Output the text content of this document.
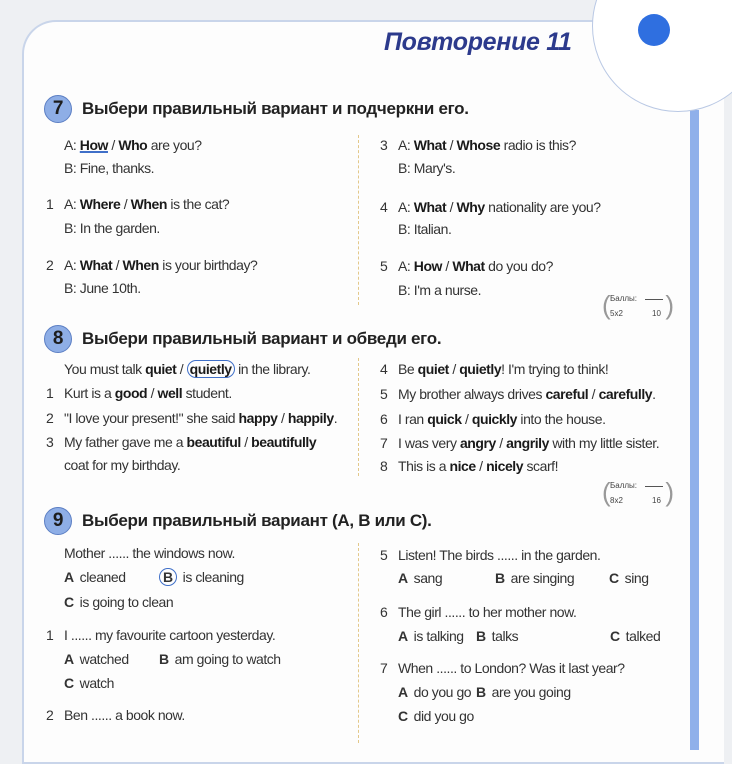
Повторение 11
7	Выбери правильный вариант и подчеркни его.
A: How / Who are you?
B: Fine, thanks.
1 A: Where / When is the cat?
B: In the garden.
2 A: What / When is your birthday?
B: June 10th.
3 A: What / Whose radio is this?
B: Mary's.
4 A: What / Why nationality are you?
B: Italian.
5 A: How / What do you do?
B: I'm a nurse.	( Баллы:
5x2	10 )
8	Выбери правильный вариант и обведи его.
You must talk quiet / quietly in the library.
1 Kurt is a good / well student.
2 "I love your present!" she said happy / happily.
3 My father gave me a beautiful / beautifully
coat for my birthday.
4 Be quiet / quietly! I'm trying to think!
5 My brother always drives careful / carefully.
6 I ran quick / quickly into the house.
7 I was very angry / angrily with my little sister.
8 This is a nice / nicely scarf!
( Баллы:
8x2	16 )
9	Выбери правильный вариант (A, B или C).
Mother ...... the windows now.
A cleaned	B is cleaning
C is going to clean
1 I ...... my favourite cartoon yesterday.
A watched B am going to watch
C watch
2 Ben ...... a book now.
5 Listen! The birds ...... in the garden.
A sang	B are singing C sing
6 The girl ...... to her mother now.
A is talking B talks	C talked
7 When ...... to London? Was it last year?
A do you go B are you going
C did you go
